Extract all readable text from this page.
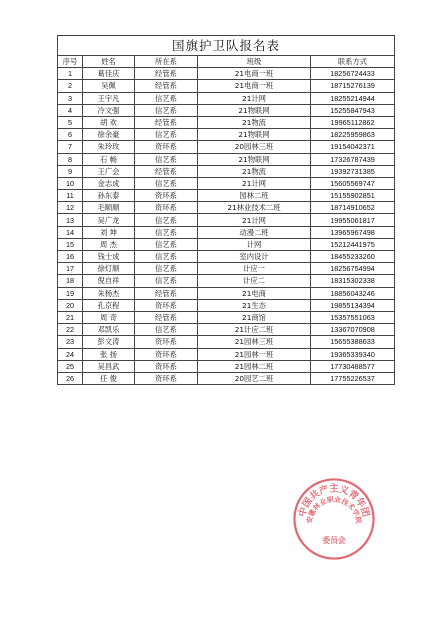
国旗护卫队报名表				
序号	姓名	所在系	班级	联系方式
1	葛佳庆	经管系	21电商一班	18256724433
2	吴佩	经管系	21电商一班	18715276139
3	王宇凡	信艺系	21计网	18255214944
4	冷文强	信艺系	21物联网	15255847943
5	胡 欢	经管系	21物流	19965112862
6	徐余豪	信艺系	21物联网	18225959863
7	朱玲玫	资环系	20园林三班	19154042371
8	石 畅	信艺系	21物联网	17326787439
9	王广会	经管系	21物流	19392731385
10	金志成	信艺系	21计网	15605569747
11	孙东泰	资环系	园林二班	15155902851
12	毛顺顺	资环系	21林业技术二班	18714910652
13	吴广龙	信艺系	21计网	19955061817
14	刘 坤	信艺系	动漫二班	13965967498
15	周 杰	信艺系	计网	15212441975
16	钱士成	信艺系	室内设计	18455233260
17	徐灯顺	信艺系	计应一	18256754994
18	倪自祥	信艺系	计应二	18315302338
19	朱杨杰	经管系	21电商	18856043246
20	孔京程	资环系	21生态	19855134394
21	周 奇	经管系	21商馆	15357551063
22	邓凯乐	信艺系	21计应二班	13367070908
23	彭文涛	资环系	21园林三班	15655388633
24	张 扬	资环系	21园林一班	19365339340
25	吴昌武	资环系	21园林二班	17730488577
26	任 俊	资环系	20园艺二班	17755226537
中国共产主义青年团
安徽林业职业技术学院
委员会
